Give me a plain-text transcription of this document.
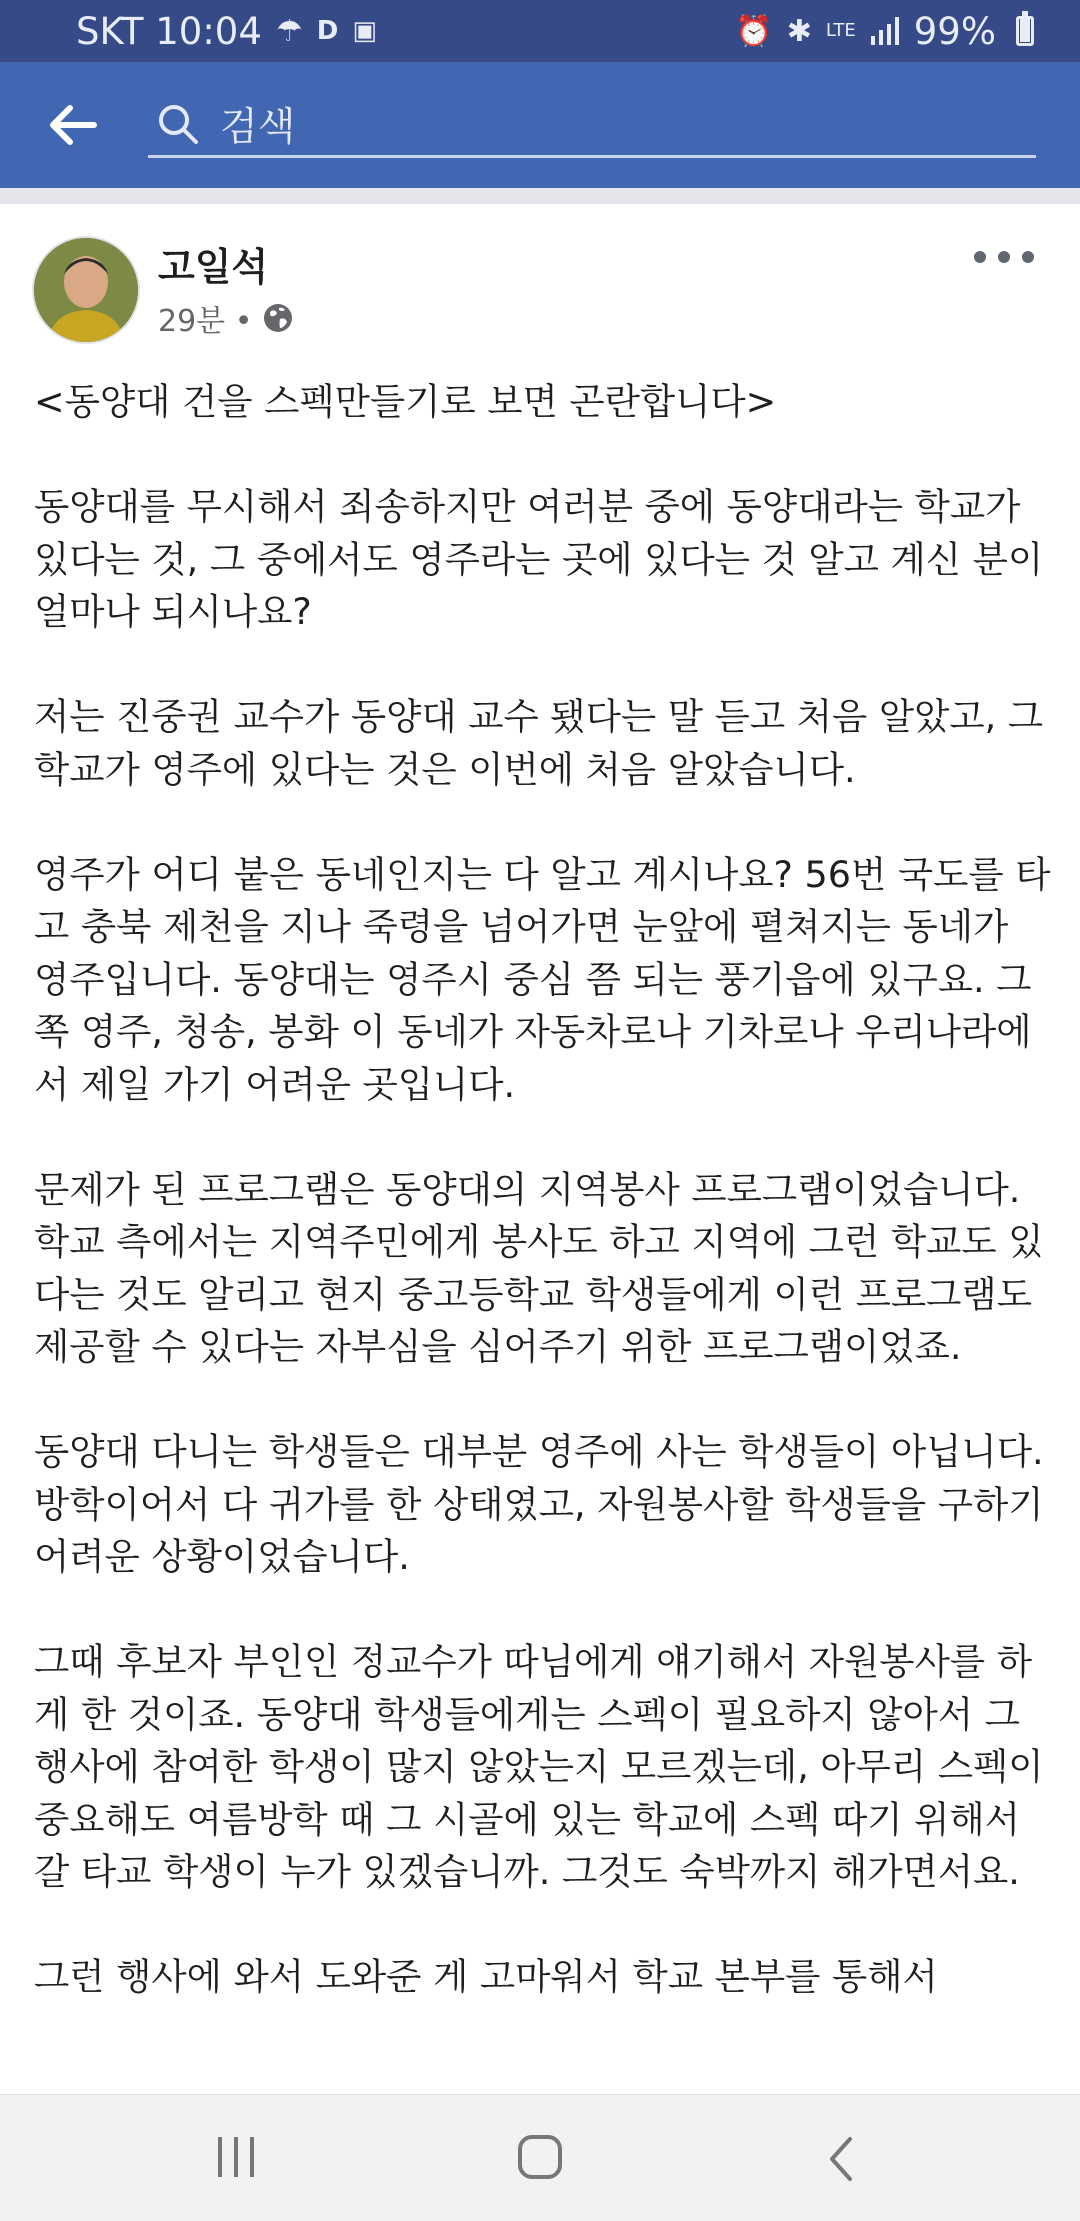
SKT 10:04 ☂ D ▣	⏰ ✱ LTE 99%
검색
고일석
29분 •

<동양대 건을 스펙만들기로 보면 곤란합니다>

동양대를 무시해서 죄송하지만 여러분 중에 동양대라는 학교가 있다는 것, 그 중에서도 영주라는 곳에 있다는 것 알고 계신 분이 얼마나 되시나요?

저는 진중권 교수가 동양대 교수 됐다는 말 듣고 처음 알았고, 그 학교가 영주에 있다는 것은 이번에 처음 알았습니다.

영주가 어디 붙은 동네인지는 다 알고 계시나요? 56번 국도를 타고 충북 제천을 지나 죽령을 넘어가면 눈앞에 펼쳐지는 동네가 영주입니다. 동양대는 영주시 중심 쯤 되는 풍기읍에 있구요. 그쪽 영주, 청송, 봉화 이 동네가 자동차로나 기차로나 우리나라에서 제일 가기 어려운 곳입니다.

문제가 된 프로그램은 동양대의 지역봉사 프로그램이었습니다. 학교 측에서는 지역주민에게 봉사도 하고 지역에 그런 학교도 있다는 것도 알리고 현지 중고등학교 학생들에게 이런 프로그램도 제공할 수 있다는 자부심을 심어주기 위한 프로그램이었죠.

동양대 다니는 학생들은 대부분 영주에 사는 학생들이 아닙니다. 방학이어서 다 귀가를 한 상태였고, 자원봉사할 학생들을 구하기 어려운 상황이었습니다.

그때 후보자 부인인 정교수가 따님에게 얘기해서 자원봉사를 하게 한 것이죠. 동양대 학생들에게는 스펙이 필요하지 않아서 그 행사에 참여한 학생이 많지 않았는지 모르겠는데, 아무리 스펙이 중요해도 여름방학 때 그 시골에 있는 학교에 스펙 따기 위해서 갈 타교 학생이 누가 있겠습니까. 그것도 숙박까지 해가면서요.

그런 행사에 와서 도와준 게 고마워서 학교 본부를 통해서
